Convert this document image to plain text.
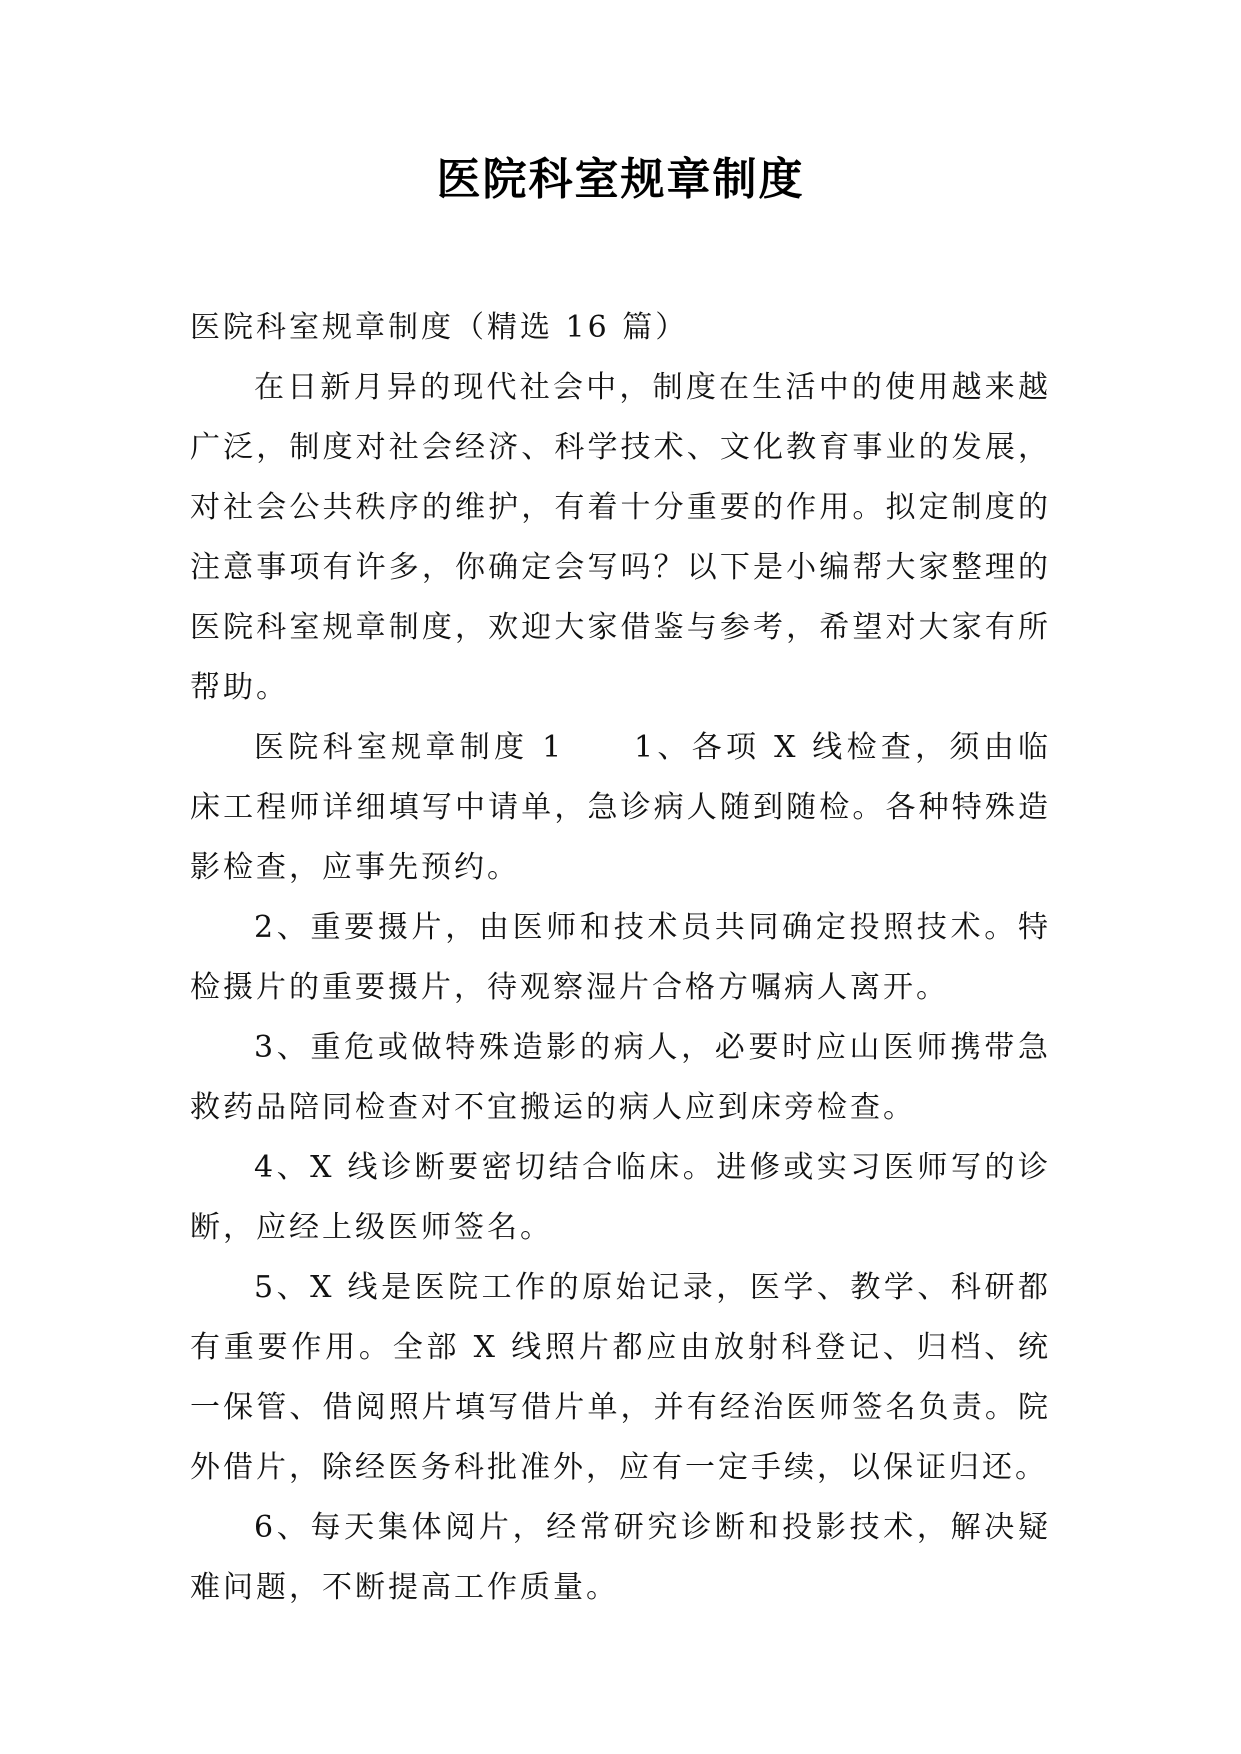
医院科室规章制度

医院科室规章制度（精选 16 篇）

在日新月异的现代社会中，制度在生活中的使用越来越广泛，制度对社会经济、科学技术、文化教育事业的发展，对社会公共秩序的维护，有着十分重要的作用。拟定制度的注意事项有许多，你确定会写吗？以下是小编帮大家整理的医院科室规章制度，欢迎大家借鉴与参考，希望对大家有所帮助。

医院科室规章制度 1　　1、各项 X 线检查，须由临床工程师详细填写中请单，急诊病人随到随检。各种特殊造影检查，应事先预约。

2、重要摄片，由医师和技术员共同确定投照技术。特检摄片的重要摄片，待观察湿片合格方嘱病人离开。

3、重危或做特殊造影的病人，必要时应山医师携带急救药品陪同检查对不宜搬运的病人应到床旁检查。

4、X 线诊断要密切结合临床。进修或实习医师写的诊断，应经上级医师签名。

5、X 线是医院工作的原始记录，医学、教学、科研都有重要作用。全部 X 线照片都应由放射科登记、归档、统一保管、借阅照片填写借片单，并有经治医师签名负责。院外借片，除经医务科批准外，应有一定手续，以保证归还。

6、每天集体阅片，经常研究诊断和投影技术，解决疑难问题，不断提高工作质量。
